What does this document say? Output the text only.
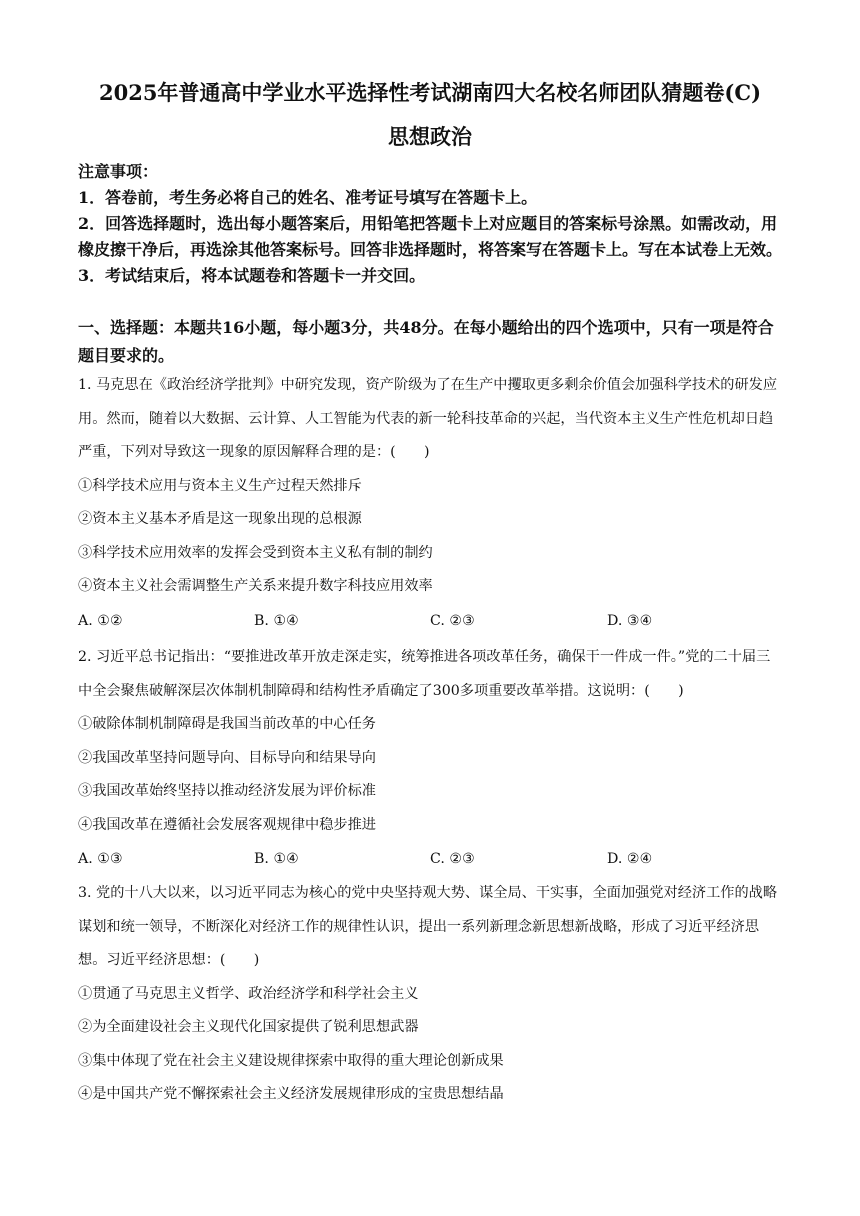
2025年普通高中学业水平选择性考试湖南四大名校名师团队猜题卷(C)
思想政治

注意事项：

1．答卷前，考生务必将自己的姓名、准考证号填写在答题卡上。

2．回答选择题时，选出每小题答案后，用铅笔把答题卡上对应题目的答案标号涂黑。如需改动，用橡皮擦干净后，再选涂其他答案标号。回答非选择题时，将答案写在答题卡上。写在本试卷上无效。

3．考试结束后，将本试题卷和答题卡一并交回。

一、选择题：本题共16小题，每小题3分，共48分。在每小题给出的四个选项中，只有一项是符合题目要求的。

1. 马克思在《政治经济学批判》中研究发现，资产阶级为了在生产中攫取更多剩余价值会加强科学技术的研发应用。然而，随着以大数据、云计算、人工智能为代表的新一轮科技革命的兴起，当代资本主义生产性危机却日趋严重，下列对导致这一现象的原因解释合理的是：(　　)

①科学技术应用与资本主义生产过程天然排斥

②资本主义基本矛盾是这一现象出现的总根源

③科学技术应用效率的发挥会受到资本主义私有制的制约

④资本主义社会需调整生产关系来提升数字科技应用效率

A. ①②	B. ①④	C. ②③	D. ③④

2. 习近平总书记指出：“要推进改革开放走深走实，统筹推进各项改革任务，确保干一件成一件。”党的二十届三中全会聚焦破解深层次体制机制障碍和结构性矛盾确定了300多项重要改革举措。这说明：(　　)

①破除体制机制障碍是我国当前改革的中心任务

②我国改革坚持问题导向、目标导向和结果导向

③我国改革始终坚持以推动经济发展为评价标准

④我国改革在遵循社会发展客观规律中稳步推进

A. ①③	B. ①④	C. ②③	D. ②④

3. 党的十八大以来，以习近平同志为核心的党中央坚持观大势、谋全局、干实事，全面加强党对经济工作的战略谋划和统一领导，不断深化对经济工作的规律性认识，提出一系列新理念新思想新战略，形成了习近平经济思想。习近平经济思想：(　　)

①贯通了马克思主义哲学、政治经济学和科学社会主义

②为全面建设社会主义现代化国家提供了锐利思想武器

③集中体现了党在社会主义建设规律探索中取得的重大理论创新成果

④是中国共产党不懈探索社会主义经济发展规律形成的宝贵思想结晶
